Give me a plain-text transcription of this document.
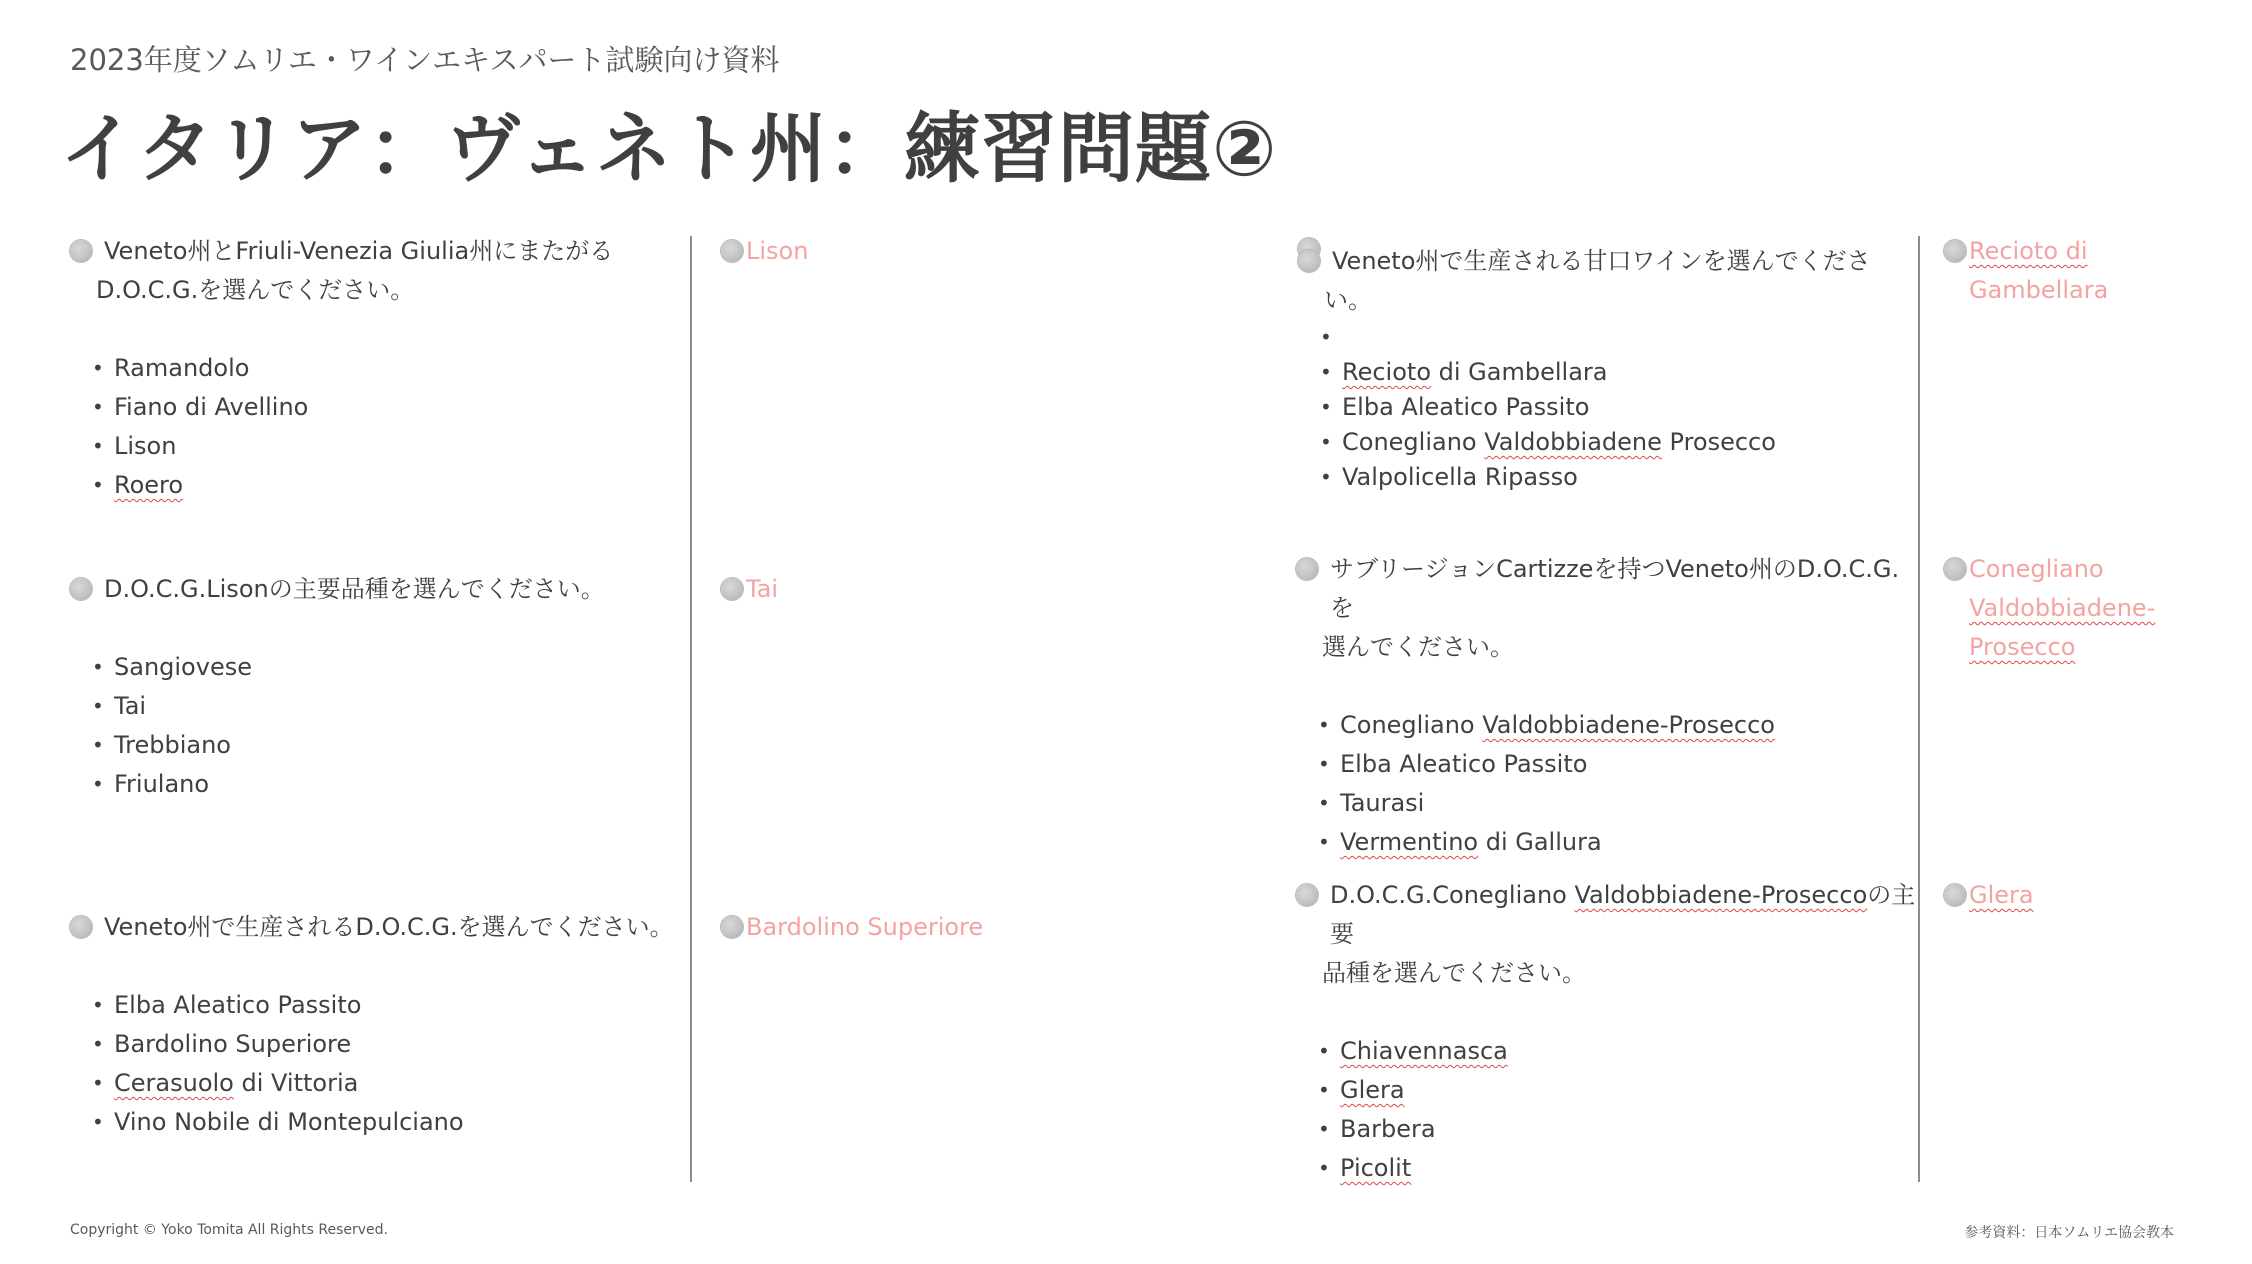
2023年度ソムリエ・ワインエキスパート試験向け資料
イタリア：ヴェネト州：練習問題②
Veneto州とFriuli-Venezia Giulia州にまたがる
D.O.C.G.を選んでください。
• Ramandolo
• Fiano di Avellino
• Lison
• Roero
Lison
D.O.C.G.Lisonの主要品種を選んでください。
• Sangiovese
• Tai
• Trebbiano
• Friulano
Tai
Veneto州で生産されるD.O.C.G.を選んでください。
• Elba Aleatico Passito
• Bardolino Superiore
• Cerasuolo di Vittoria
• Vino Nobile di Montepulciano
Bardolino Superiore
Veneto州で生産される甘口ワインを選んでくださ
い。
•
• Recioto di Gambellara
• Elba Aleatico Passito
• Conegliano Valdobbiadene Prosecco
• Valpolicella Ripasso
Recioto di
Gambellara
サブリージョンCartizzeを持つVeneto州のD.O.C.G.を
選んでください。
• Conegliano Valdobbiadene-Prosecco
• Elba Aleatico Passito
• Taurasi
• Vermentino di Gallura
Conegliano
Valdobbiadene-
Prosecco
D.O.C.G.Conegliano Valdobbiadene-Proseccoの主要
品種を選んでください。
• Chiavennasca
• Glera
• Barbera
• Picolit
Glera
Copyright © Yoko Tomita All Rights Reserved.	参考資料：日本ソムリエ協会教本
